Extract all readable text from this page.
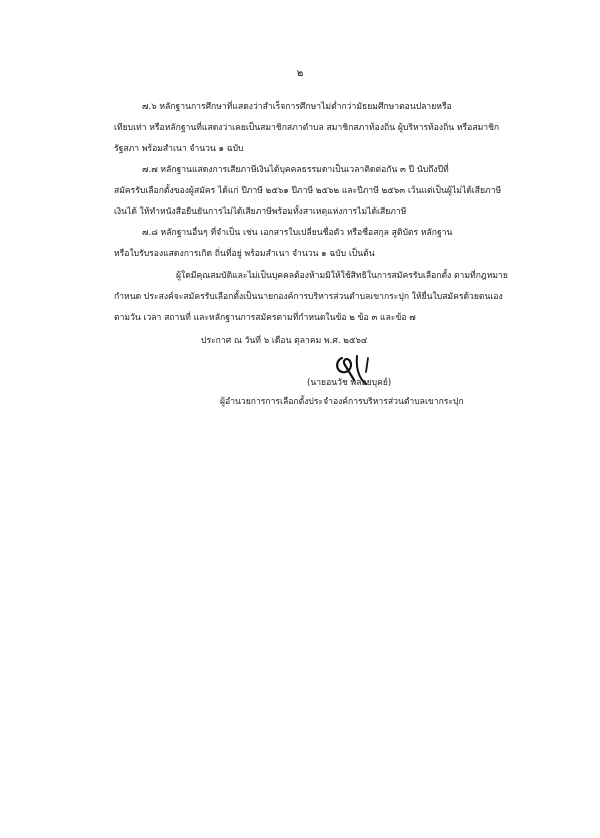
๒
๗.๖ หลักฐานการศึกษาที่แสดงว่าสำเร็จการศึกษาไม่ต่ำกว่ามัธยมศึกษาตอนปลายหรือ
เทียบเท่า หรือหลักฐานที่แสดงว่าเคยเป็นสมาชิกสภาตำบล สมาชิกสภาท้องถิ่น ผู้บริหารท้องถิ่น หรือสมาชิก
รัฐสภา พร้อมสำเนา จำนวน ๑ ฉบับ
๗.๗ หลักฐานแสดงการเสียภาษีเงินได้บุคคลธรรมดาเป็นเวลาติดต่อกัน ๓ ปี นับถึงปีที่
สมัครรับเลือกตั้งของผู้สมัคร ได้แก่ ปีภาษี ๒๕๖๑ ปีภาษี ๒๕๖๒ และปีภาษี ๒๕๖๓ เว้นแต่เป็นผู้ไม่ได้เสียภาษี
เงินได้ ให้ทำหนังสือยืนยันการไม่ได้เสียภาษีพร้อมทั้งสาเหตุแห่งการไม่ได้เสียภาษี
๗.๘ หลักฐานอื่นๆ ที่จำเป็น เช่น เอกสารใบเปลี่ยนชื่อตัว หรือชื่อสกุล สูติบัตร หลักฐาน
หรือใบรับรองแสดงการเกิด ถิ่นที่อยู่ พร้อมสำเนา จำนวน ๑ ฉบับ เป็นต้น
ผู้ใดมีคุณสมบัติและไม่เป็นบุคคลต้องห้ามมิให้ใช้สิทธิในการสมัครรับเลือกตั้ง ตามที่กฎหมาย
กำหนด ประสงค์จะสมัครรับเลือกตั้งเป็นนายกองค์การบริหารส่วนตำบลเขากระปุก ให้ยื่นใบสมัครด้วยตนเอง
ตามวัน เวลา สถานที่ และหลักฐานการสมัครตามที่กำหนดในข้อ ๒ ข้อ ๓ และข้อ ๗
ประกาศ ณ วันที่ ๖ เดือน ตุลาคม พ.ศ. ๒๕๖๔
(นายอนวัช พลอยบุคย์)
ผู้อำนวยการการเลือกตั้งประจำองค์การบริหารส่วนตำบลเขากระปุก
